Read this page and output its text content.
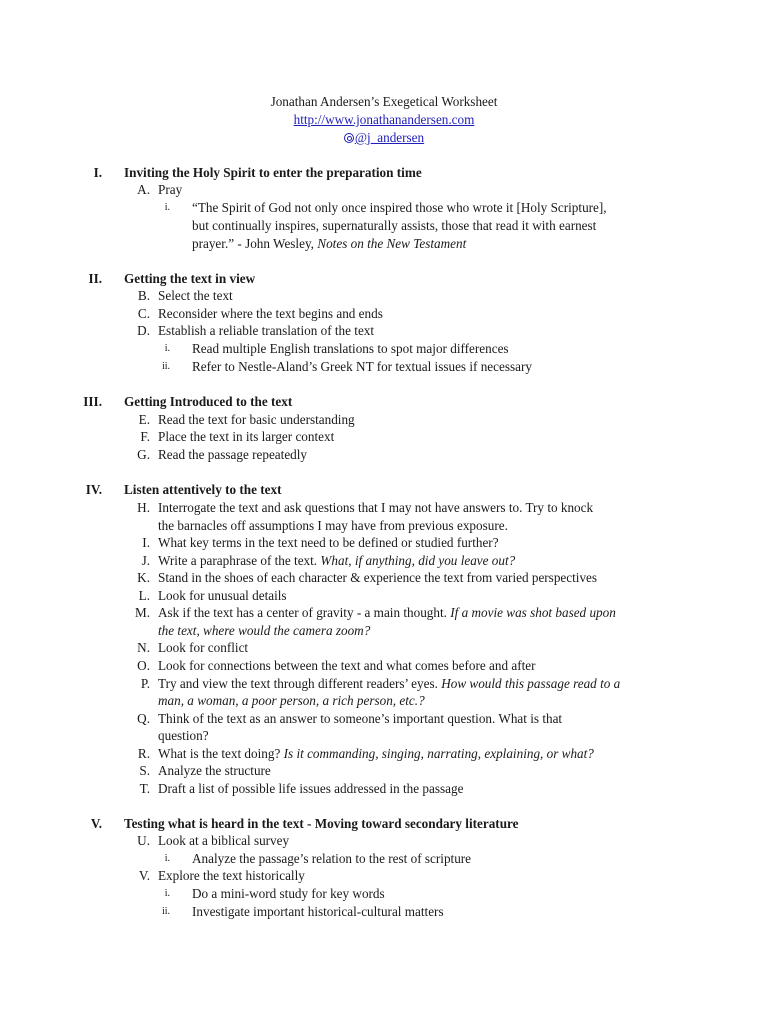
Jonathan Andersen’s Exegetical Worksheet
http://www.jonathanandersen.com
@j_andersen
I. Inviting the Holy Spirit to enter the preparation time
A. Pray
i. “The Spirit of God not only once inspired those who wrote it [Holy Scripture],
but continually inspires, supernaturally assists, those that read it with earnest
prayer.” - John Wesley, Notes on the New Testament
II. Getting the text in view
B. Select the text
C. Reconsider where the text begins and ends
D. Establish a reliable translation of the text
i. Read multiple English translations to spot major differences
ii. Refer to Nestle-Aland’s Greek NT for textual issues if necessary
III. Getting Introduced to the text
E. Read the text for basic understanding
F. Place the text in its larger context
G. Read the passage repeatedly
IV. Listen attentively to the text
H. Interrogate the text and ask questions that I may not have answers to. Try to knock
the barnacles off assumptions I may have from previous exposure.
I. What key terms in the text need to be defined or studied further?
J. Write a paraphrase of the text. What, if anything, did you leave out?
K. Stand in the shoes of each character & experience the text from varied perspectives
L. Look for unusual details
M. Ask if the text has a center of gravity - a main thought. If a movie was shot based upon
the text, where would the camera zoom?
N. Look for conflict
O. Look for connections between the text and what comes before and after
P. Try and view the text through different readers’ eyes. How would this passage read to a
man, a woman, a poor person, a rich person, etc.?
Q. Think of the text as an answer to someone’s important question. What is that
question?
R. What is the text doing? Is it commanding, singing, narrating, explaining, or what?
S. Analyze the structure
T. Draft a list of possible life issues addressed in the passage
V. Testing what is heard in the text - Moving toward secondary literature
U. Look at a biblical survey
i. Analyze the passage’s relation to the rest of scripture
V. Explore the text historically
i. Do a mini-word study for key words
ii. Investigate important historical-cultural matters
